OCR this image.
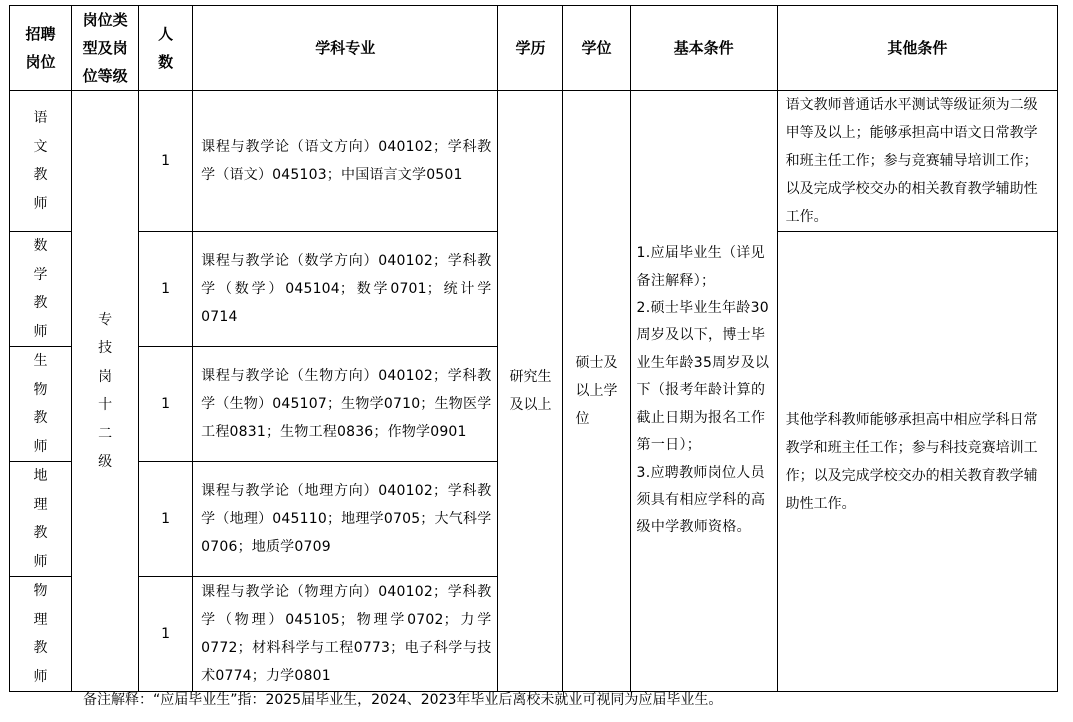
招聘岗位	岗位类型及岗位等级	人数	学科专业	学历	学位	基本条件	其他条件

语文教师	专技岗十二级	1	课程与教学论（语文方向）040102；学科教学（语文）045103；中国语言文学0501	研究生及以上	硕士及以上学位	1.应届毕业生（详见备注解释）；
2.硕士毕业生年龄30周岁及以下，博士毕业生年龄35周岁及以下（报考年龄计算的截止日期为报名工作第一日）；
3.应聘教师岗位人员须具有相应学科的高级中学教师资格。	语文教师普通话水平测试等级证须为二级甲等及以上；能够承担高中语文日常教学和班主任工作；参与竞赛辅导培训工作；以及完成学校交办的相关教育教学辅助性工作。

数学教师		1	课程与教学论（数学方向）040102；学科教学（数学）045104；数学0701；统计学0714				其他学科教师能够承担高中相应学科日常教学和班主任工作；参与科技竞赛培训工作；以及完成学校交办的相关教育教学辅助性工作。

生物教师		1	课程与教学论（生物方向）040102；学科教学（生物）045107；生物学0710；生物医学工程0831；生物工程0836；作物学0901				

地理教师		1	课程与教学论（地理方向）040102；学科教学（地理）045110；地理学0705；大气科学0706；地质学0709				

物理教师		1	课程与教学论（物理方向）040102；学科教学（物理）045105；物理学0702；力学0772；材料科学与工程0773；电子科学与技术0774；力学0801				
备注解释：“应届毕业生”指：2025届毕业生，2024、2023年毕业后离校未就业可视同为应届毕业生。
